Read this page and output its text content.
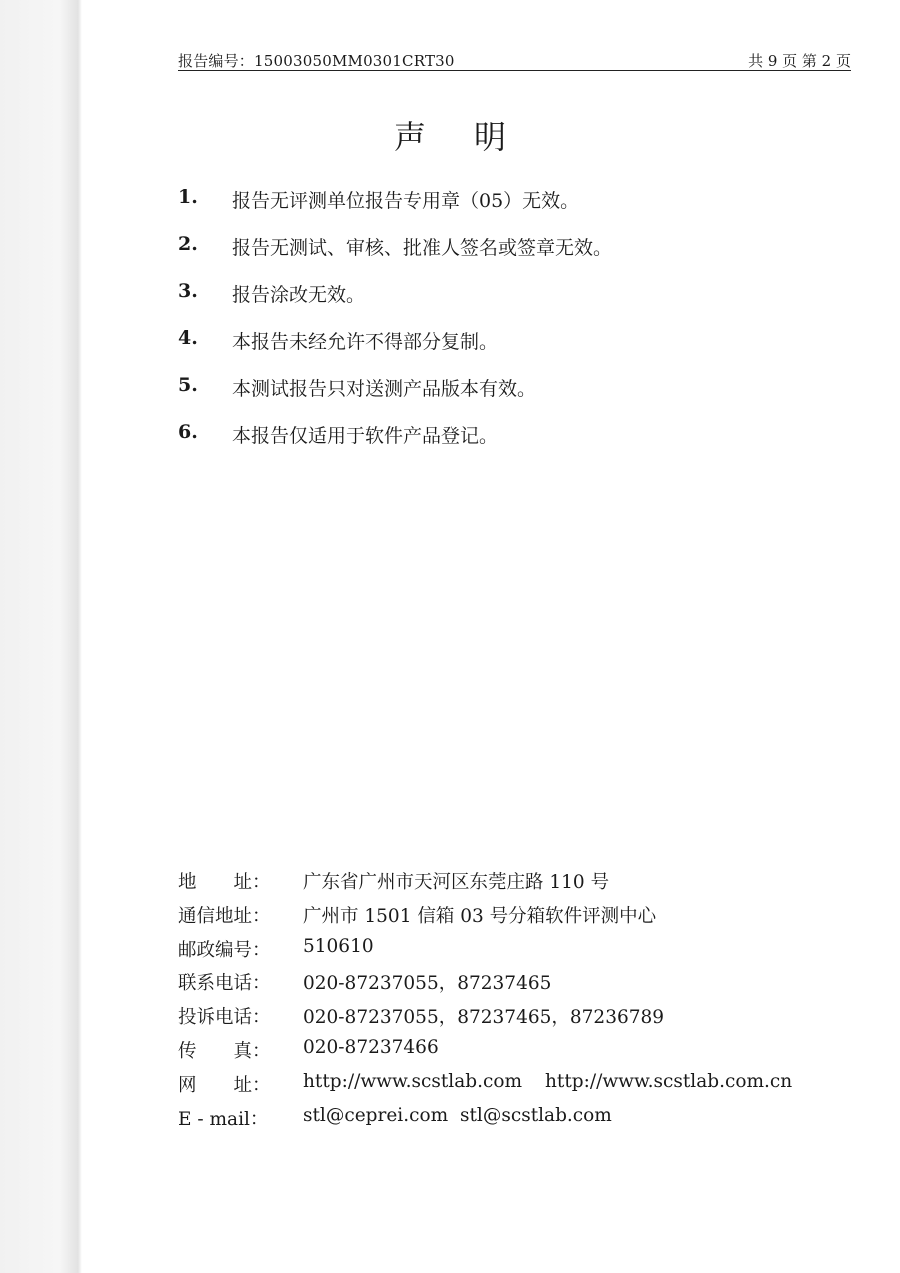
报告编号：15003050MM0301CRT30	共 9 页 第 2 页
声明
1. 报告无评测单位报告专用章（05）无效。
2. 报告无测试、审核、批准人签名或签章无效。
3. 报告涂改无效。
4. 本报告未经允许不得部分复制。
5. 本测试报告只对送测产品版本有效。
6. 本报告仅适用于软件产品登记。
地　　址：	广东省广州市天河区东莞庄路 110 号
通信地址：	广州市 1501 信箱 03 号分箱软件评测中心
邮政编号：	510610
联系电话：	020-87237055，87237465
投诉电话：	020-87237055，87237465，87236789
传　　真：	020-87237466
网　　址：	http://www.scstlab.com http://www.scstlab.com.cn
E - mail：	stl@ceprei.com stl@scstlab.com
